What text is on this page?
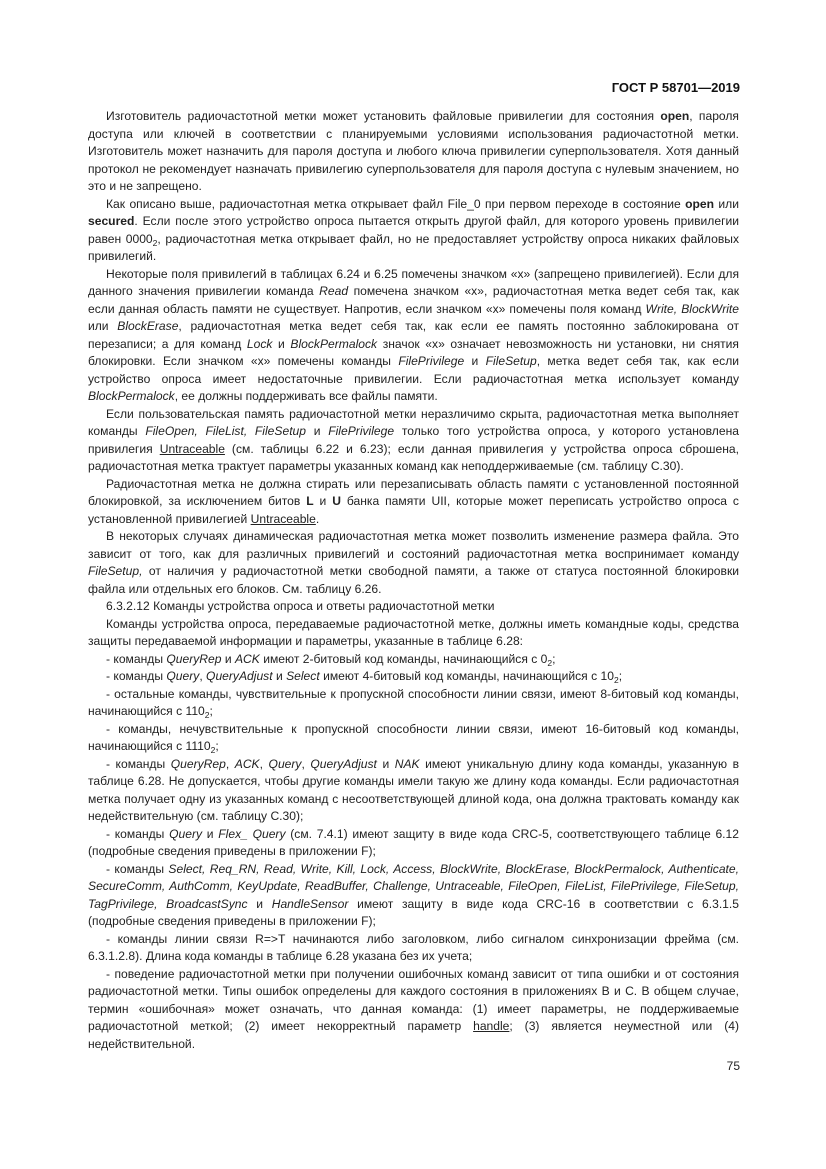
ГОСТ Р 58701—2019

Изготовитель радиочастотной метки может установить файловые привилегии для состояния open, пароля доступа или ключей в соответствии с планируемыми условиями использования радиочастотной метки. Изготовитель может назначить для пароля доступа и любого ключа привилегии суперпользователя. Хотя данный протокол не рекомендует назначать привилегию суперпользователя для пароля доступа с нулевым значением, но это и не запрещено.

Как описано выше, радиочастотная метка открывает файл File_0 при первом переходе в состояние open или secured. Если после этого устройство опроса пытается открыть другой файл, для которого уровень привилегии равен $0000_2$, радиочастотная метка открывает файл, но не предоставляет устройству опроса никаких файловых привилегий.

Некоторые поля привилегий в таблицах 6.24 и 6.25 помечены значком «x» (запрещено привилегией). Если для данного значения привилегии команда Read помечена значком «x», радиочастотная метка ведет себя так, как если данная область памяти не существует. Напротив, если значком «x» помечены поля команд Write, BlockWrite или BlockErase, радиочастотная метка ведет себя так, как если ее память постоянно заблокирована от перезаписи; а для команд Lock и BlockPermalock значок «x» означает невозможность ни установки, ни снятия блокировки. Если значком «x» помечены команды FilePrivilege и FileSetup, метка ведет себя так, как если устройство опроса имеет недостаточные привилегии. Если радиочастотная метка использует команду BlockPermalock, ее должны поддерживать все файлы памяти.

Если пользовательская память радиочастотной метки неразличимо скрыта, радиочастотная метка выполняет команды FileOpen, FileList, FileSetup и FilePrivilege только того устройства опроса, у которого установлена привилегия Untraceable (см. таблицы 6.22 и 6.23); если данная привилегия у устройства опроса сброшена, радиочастотная метка трактует параметры указанных команд как неподдерживаемые (см. таблицу C.30).

Радиочастотная метка не должна стирать или перезаписывать область памяти с установленной постоянной блокировкой, за исключением битов L и U банка памяти UII, которые может переписать устройство опроса с установленной привилегией Untraceable.

В некоторых случаях динамическая радиочастотная метка может позволить изменение размера файла. Это зависит от того, как для различных привилегий и состояний радиочастотная метка воспринимает команду FileSetup, от наличия у радиочастотной метки свободной памяти, а также от статуса постоянной блокировки файла или отдельных его блоков. См. таблицу 6.26.

6.3.2.12 Команды устройства опроса и ответы радиочастотной метки

Команды устройства опроса, передаваемые радиочастотной метке, должны иметь командные коды, средства защиты передаваемой информации и параметры, указанные в таблице 6.28:

- команды QueryRep и ACK имеют 2-битовый код команды, начинающийся с $0_2$;

- команды Query, QueryAdjust и Select имеют 4-битовый код команды, начинающийся с $10_2$;

- остальные команды, чувствительные к пропускной способности линии связи, имеют 8-битовый код команды, начинающийся с $110_2$;

- команды, нечувствительные к пропускной способности линии связи, имеют 16-битовый код команды, начинающийся с $1110_2$;

- команды QueryRep, ACK, Query, QueryAdjust и NAK имеют уникальную длину кода команды, указанную в таблице 6.28. Не допускается, чтобы другие команды имели такую же длину кода команды. Если радиочастотная метка получает одну из указанных команд с несоответствующей длиной кода, она должна трактовать команду как недействительную (см. таблицу C.30);

- команды Query и Flex_ Query (см. 7.4.1) имеют защиту в виде кода CRC-5, соответствующего таблице 6.12 (подробные сведения приведены в приложении F);

- команды Select, Req_RN, Read, Write, Kill, Lock, Access, BlockWrite, BlockErase, BlockPermalock, Authenticate, SecureComm, AuthComm, KeyUpdate, ReadBuffer, Challenge, Untraceable, FileOpen, FileList, FilePrivilege, FileSetup, TagPrivilege, BroadcastSync и HandleSensor имеют защиту в виде кода CRC-16 в соответствии с 6.3.1.5 (подробные сведения приведены в приложении F);

- команды линии связи R=>T начинаются либо заголовком, либо сигналом синхронизации фрейма (см. 6.3.1.2.8). Длина кода команды в таблице 6.28 указана без их учета;

- поведение радиочастотной метки при получении ошибочных команд зависит от типа ошибки и от состояния радиочастотной метки. Типы ошибок определены для каждого состояния в приложениях B и C. В общем случае, термин «ошибочная» может означать, что данная команда: (1) имеет параметры, не поддерживаемые радиочастотной меткой; (2) имеет некорректный параметр handle; (3) является неуместной или (4) недействительной.

75
